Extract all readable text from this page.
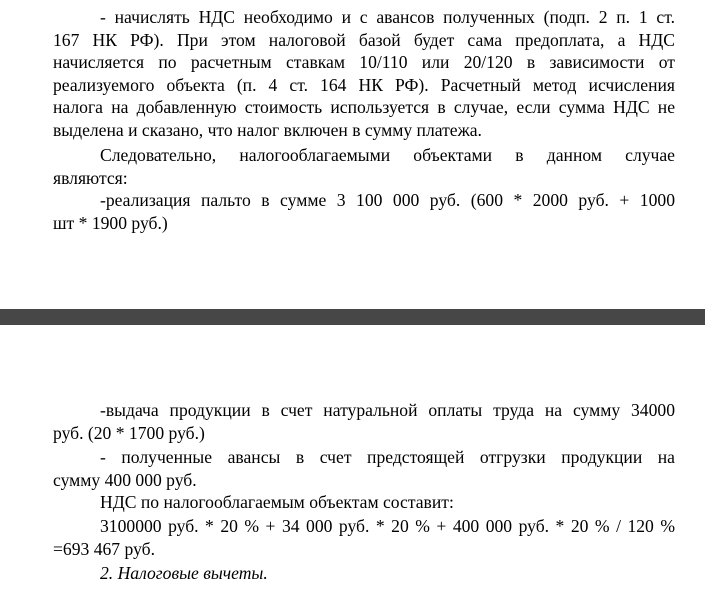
- начислять НДС необходимо и с авансов полученных (подп. 2 п. 1 ст.
167 НК РФ). При этом налоговой базой будет сама предоплата, а НДС
начисляется по расчетным ставкам 10/110 или 20/120 в зависимости от
реализуемого объекта (п. 4 ст. 164 НК РФ). Расчетный метод исчисления
налога на добавленную стоимость используется в случае, если сумма НДС не
выделена и сказано, что налог включен в сумму платежа.

Следовательно, налогооблагаемыми объектами в данном случае
являются:

-реализация пальто в сумме 3 100 000 руб. (600 * 2000 руб. + 1000
шт * 1900 руб.)

-выдача продукции в счет натуральной оплаты труда на сумму 34000
руб. (20 * 1700 руб.)

- полученные авансы в счет предстоящей отгрузки продукции на
сумму 400 000 руб.

НДС по налогооблагаемым объектам составит:

3100000 руб. * 20 % + 34 000 руб. * 20 % + 400 000 руб. * 20 % / 120 %
=693 467 руб.

2. Налоговые вычеты.
